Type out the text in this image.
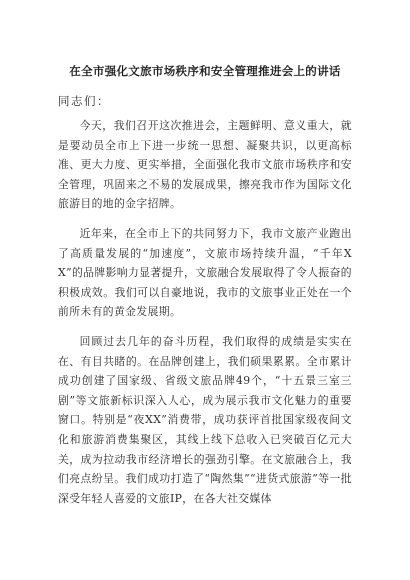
在全市强化文旅市场秩序和安全管理推进会上的讲话

同志们：

今天，我们召开这次推进会，主题鲜明、意义重大，就是要动员全市上下进一步统一思想、凝聚共识，以更高标准、更大力度、更实举措，全面强化我市文旅市场秩序和安全管理，巩固来之不易的发展成果，擦亮我市作为国际文化旅游目的地的金字招牌。

近年来，在全市上下的共同努力下，我市文旅产业跑出了高质量发展的“加速度”，文旅市场持续升温，“千年XX”的品牌影响力显著提升，文旅融合发展取得了令人振奋的积极成效。我们可以自豪地说，我市的文旅事业正处在一个前所未有的黄金发展期。

回顾过去几年的奋斗历程，我们取得的成绩是实实在在、有目共睹的。在品牌创建上，我们硕果累累。全市累计成功创建了国家级、省级文旅品牌49个，“十五景三室三剧”等文旅新标识深入人心，成为展示我市文化魅力的重要窗口。特别是“夜XX”消费带，成功获评首批国家级夜间文化和旅游消费集聚区，其线上线下总收入已突破百亿元大关，成为拉动我市经济增长的强劲引擎。在文旅融合上，我们亮点纷呈。我们成功打造了“陶然集”“进货式旅游”等一批深受年轻人喜爱的文旅IP，在各大社交媒体
